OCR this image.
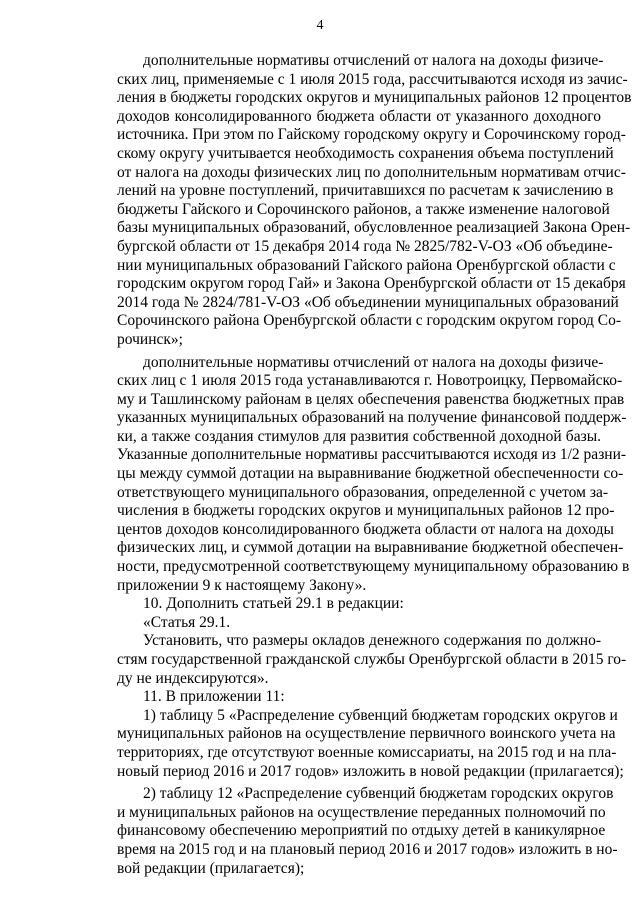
4
дополнительные нормативы отчислений от налога на доходы физиче-
ских лиц, применяемые с 1 июля 2015 года, рассчитываются исходя из зачис-
ления в бюджеты городских округов и муниципальных районов 12 процентов
доходов консолидированного бюджета области от указанного доходного
источника. При этом по Гайскому городскому округу и Сорочинскому город-
скому округу учитывается необходимость сохранения объема поступлений
от налога на доходы физических лиц по дополнительным нормативам отчис-
лений на уровне поступлений, причитавшихся по расчетам к зачислению в
бюджеты Гайского и Сорочинского районов, а также изменение налоговой
базы муниципальных образований, обусловленное реализацией Закона Орен-
бургской области от 15 декабря 2014 года № 2825/782-V-ОЗ «Об объедине-
нии муниципальных образований Гайского района Оренбургской области с
городским округом город Гай» и Закона Оренбургской области от 15 декабря
2014 года № 2824/781-V-ОЗ «Об объединении муниципальных образований
Сорочинского района Оренбургской области с городским округом город Со-
рочинск»;
дополнительные нормативы отчислений от налога на доходы физиче-
ских лиц с 1 июля 2015 года устанавливаются г. Новотроицку, Первомайско-
му и Ташлинскому районам в целях обеспечения равенства бюджетных прав
указанных муниципальных образований на получение финансовой поддерж-
ки, а также создания стимулов для развития собственной доходной базы.
Указанные дополнительные нормативы рассчитываются исходя из 1/2 разни-
цы между суммой дотации на выравнивание бюджетной обеспеченности со-
ответствующего муниципального образования, определенной с учетом за-
числения в бюджеты городских округов и муниципальных районов 12 про-
центов доходов консолидированного бюджета области от налога на доходы
физических лиц, и суммой дотации на выравнивание бюджетной обеспечен-
ности, предусмотренной соответствующему муниципальному образованию в
приложении 9 к настоящему Закону».
10. Дополнить статьей 29.1 в редакции:
«Статья 29.1.
Установить, что размеры окладов денежного содержания по должно-
стям государственной гражданской службы Оренбургской области в 2015 го-
ду не индексируются».
11. В приложении 11:
1) таблицу 5 «Распределение субвенций бюджетам городских округов и
муниципальных районов на осуществление первичного воинского учета на
территориях, где отсутствуют военные комиссариаты, на 2015 год и на пла-
новый период 2016 и 2017 годов» изложить в новой редакции (прилагается);
2) таблицу 12 «Распределение субвенций бюджетам городских округов
и муниципальных районов на осуществление переданных полномочий по
финансовому обеспечению мероприятий по отдыху детей в каникулярное
время на 2015 год и на плановый период 2016 и 2017 годов» изложить в но-
вой редакции (прилагается);
